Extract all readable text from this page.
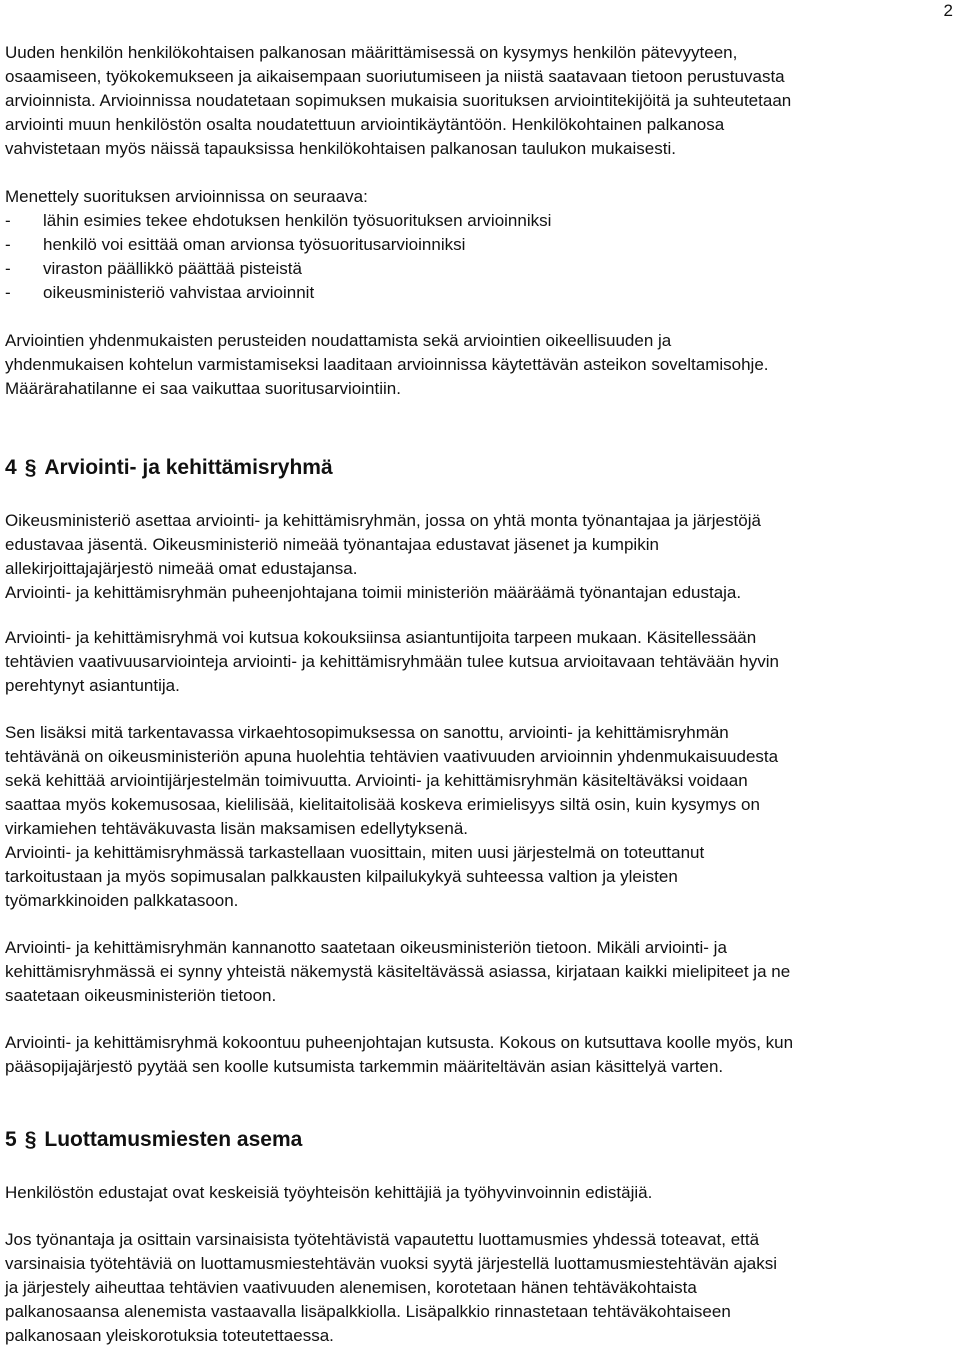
2
Uuden henkilön henkilökohtaisen palkanosan määrittämisessä on kysymys henkilön pätevyyteen,
osaamiseen, työkokemukseen ja aikaisempaan suoriutumiseen ja niistä saatavaan tietoon perustuvasta
arvioinnista. Arvioinnissa noudatetaan sopimuksen mukaisia suorituksen arviointitekijöitä ja suhteutetaan
arviointi muun henkilöstön osalta noudatettuun arviointikäytäntöön. Henkilökohtainen palkanosa
vahvistetaan myös näissä tapauksissa henkilökohtaisen palkanosan taulukon mukaisesti.
Menettely suorituksen arvioinnissa on seuraava:
- lähin esimies tekee ehdotuksen henkilön työsuorituksen arvioinniksi
- henkilö voi esittää oman arvionsa työsuoritusarvioinniksi
- viraston päällikkö päättää pisteistä
- oikeusministeriö vahvistaa arvioinnit
Arviointien yhdenmukaisten perusteiden noudattamista sekä arviointien oikeellisuuden ja
yhdenmukaisen kohtelun varmistamiseksi laaditaan arvioinnissa käytettävän asteikon soveltamisohje.
Määrärahatilanne ei saa vaikuttaa suoritusarviointiin.
4 § Arviointi- ja kehittämisryhmä
Oikeusministeriö asettaa arviointi- ja kehittämisryhmän, jossa on yhtä monta työnantajaa ja järjestöjä
edustavaa jäsentä. Oikeusministeriö nimeää työnantajaa edustavat jäsenet ja kumpikin
allekirjoittajajärjestö nimeää omat edustajansa.
Arviointi- ja kehittämisryhmän puheenjohtajana toimii ministeriön määräämä työnantajan edustaja.
Arviointi- ja kehittämisryhmä voi kutsua kokouksiinsa asiantuntijoita tarpeen mukaan. Käsitellessään
tehtävien vaativuusarviointeja arviointi- ja kehittämisryhmään tulee kutsua arvioitavaan tehtävään hyvin
perehtynyt asiantuntija.
Sen lisäksi mitä tarkentavassa virkaehtosopimuksessa on sanottu, arviointi- ja kehittämisryhmän
tehtävänä on oikeusministeriön apuna huolehtia tehtävien vaativuuden arvioinnin yhdenmukaisuudesta
sekä kehittää arviointijärjestelmän toimivuutta. Arviointi- ja kehittämisryhmän käsiteltäväksi voidaan
saattaa myös kokemusosaa, kielilisää, kielitaitolisää koskeva erimielisyys siltä osin, kuin kysymys on
virkamiehen tehtäväkuvasta lisän maksamisen edellytyksenä.
Arviointi- ja kehittämisryhmässä tarkastellaan vuosittain, miten uusi järjestelmä on toteuttanut
tarkoitustaan ja myös sopimusalan palkkausten kilpailukykyä suhteessa valtion ja yleisten
työmarkkinoiden palkkatasoon.
Arviointi- ja kehittämisryhmän kannanotto saatetaan oikeusministeriön tietoon. Mikäli arviointi- ja
kehittämisryhmässä ei synny yhteistä näkemystä käsiteltävässä asiassa, kirjataan kaikki mielipiteet ja ne
saatetaan oikeusministeriön tietoon.
Arviointi- ja kehittämisryhmä kokoontuu puheenjohtajan kutsusta. Kokous on kutsuttava koolle myös, kun
pääsopijajärjestö pyytää sen koolle kutsumista tarkemmin määriteltävän asian käsittelyä varten.
5 § Luottamusmiesten asema
Henkilöstön edustajat ovat keskeisiä työyhteisön kehittäjiä ja työhyvinvoinnin edistäjiä.
Jos työnantaja ja osittain varsinaisista työtehtävistä vapautettu luottamusmies yhdessä toteavat, että
varsinaisia työtehtäviä on luottamusmiestehtävän vuoksi syytä järjestellä luottamusmiestehtävän ajaksi
ja järjestely aiheuttaa tehtävien vaativuuden alenemisen, korotetaan hänen tehtäväkohtaista
palkanosaansa alenemista vastaavalla lisäpalkkiolla. Lisäpalkkio rinnastetaan tehtäväkohtaiseen
palkanosaan yleiskorotuksia toteutettaessa.
